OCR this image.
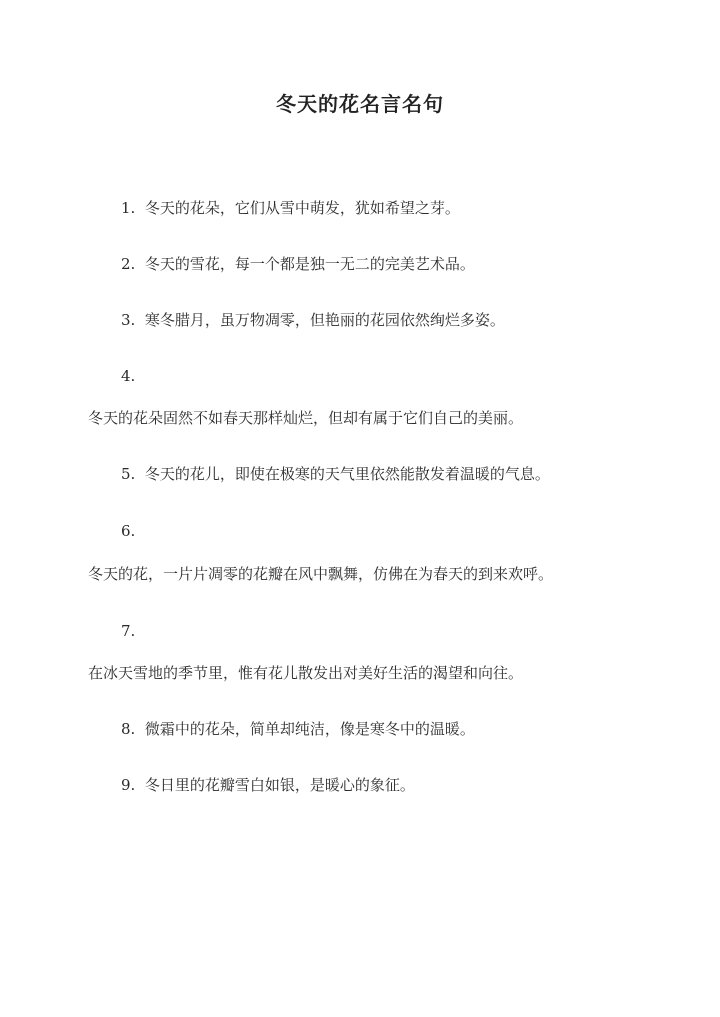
冬天的花名言名句
1. 冬天的花朵，它们从雪中萌发，犹如希望之芽。
2. 冬天的雪花，每一个都是独一无二的完美艺术品。
3. 寒冬腊月，虽万物凋零，但艳丽的花园依然绚烂多姿。
4.
冬天的花朵固然不如春天那样灿烂，但却有属于它们自己的美丽。
5. 冬天的花儿，即使在极寒的天气里依然能散发着温暖的气息。
6.
冬天的花，一片片凋零的花瓣在风中飘舞，仿佛在为春天的到来欢呼。
7.
在冰天雪地的季节里，惟有花儿散发出对美好生活的渴望和向往。
8. 微霜中的花朵，简单却纯洁，像是寒冬中的温暖。
9. 冬日里的花瓣雪白如银，是暖心的象征。
